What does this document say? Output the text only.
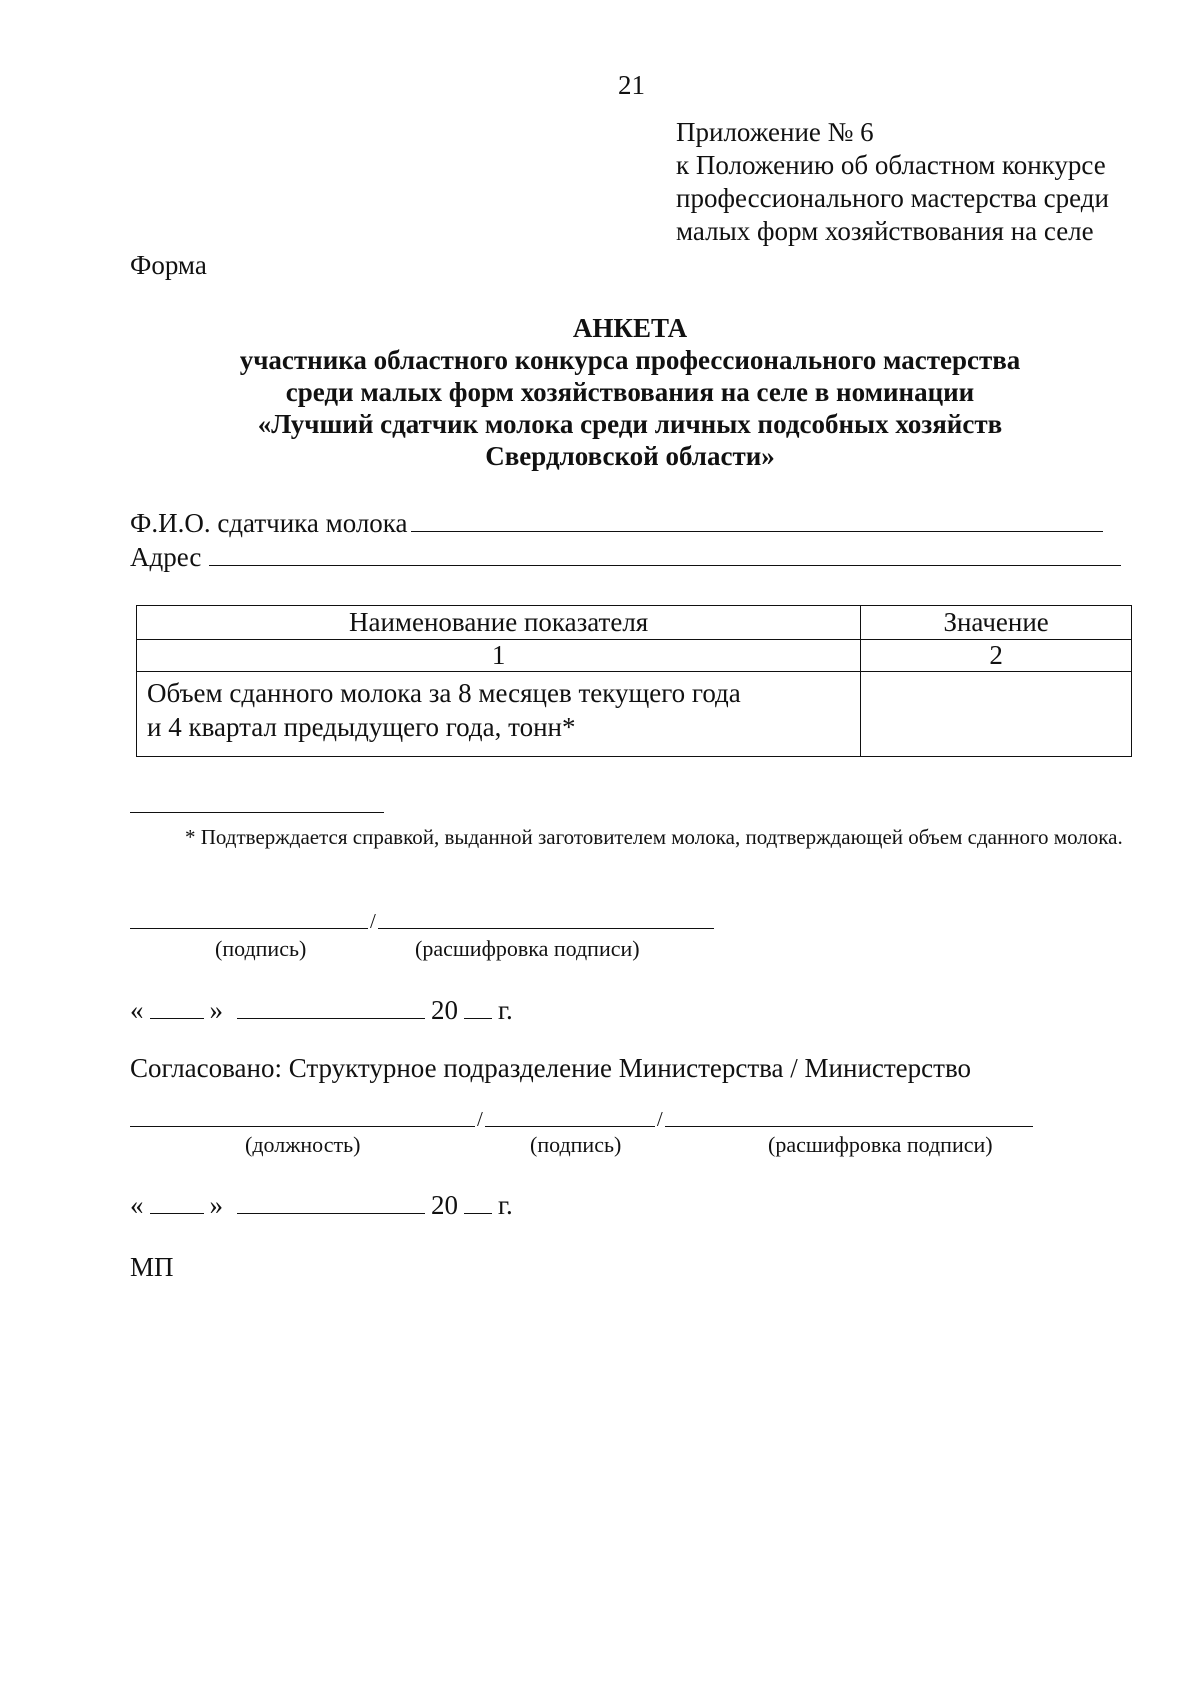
21
Приложение № 6
к Положению об областном конкурсе
профессионального мастерства среди
малых форм хозяйствования на селе
Форма
АНКЕТА
участника областного конкурса профессионального мастерства
среди малых форм хозяйствования на селе в номинации
«Лучший сдатчик молока среди личных подсобных хозяйств
Свердловской области»
Ф.И.О. сдатчика молока
Адрес
Наименование показателя	Значение
1	2

Объем сданного молока за 8 месяцев текущего года
и 4 квартал предыдущего года, тонн*	

* Подтверждается справкой, выданной заготовителем молока, подтверждающей объем сданного молока.
/
(подпись)	(расшифровка подписи)
« »	20 г.
Согласовано: Структурное подразделение Министерства / Министерство
/	/
(должность)	(подпись)	(расшифровка подписи)
« »	20 г.
МП
